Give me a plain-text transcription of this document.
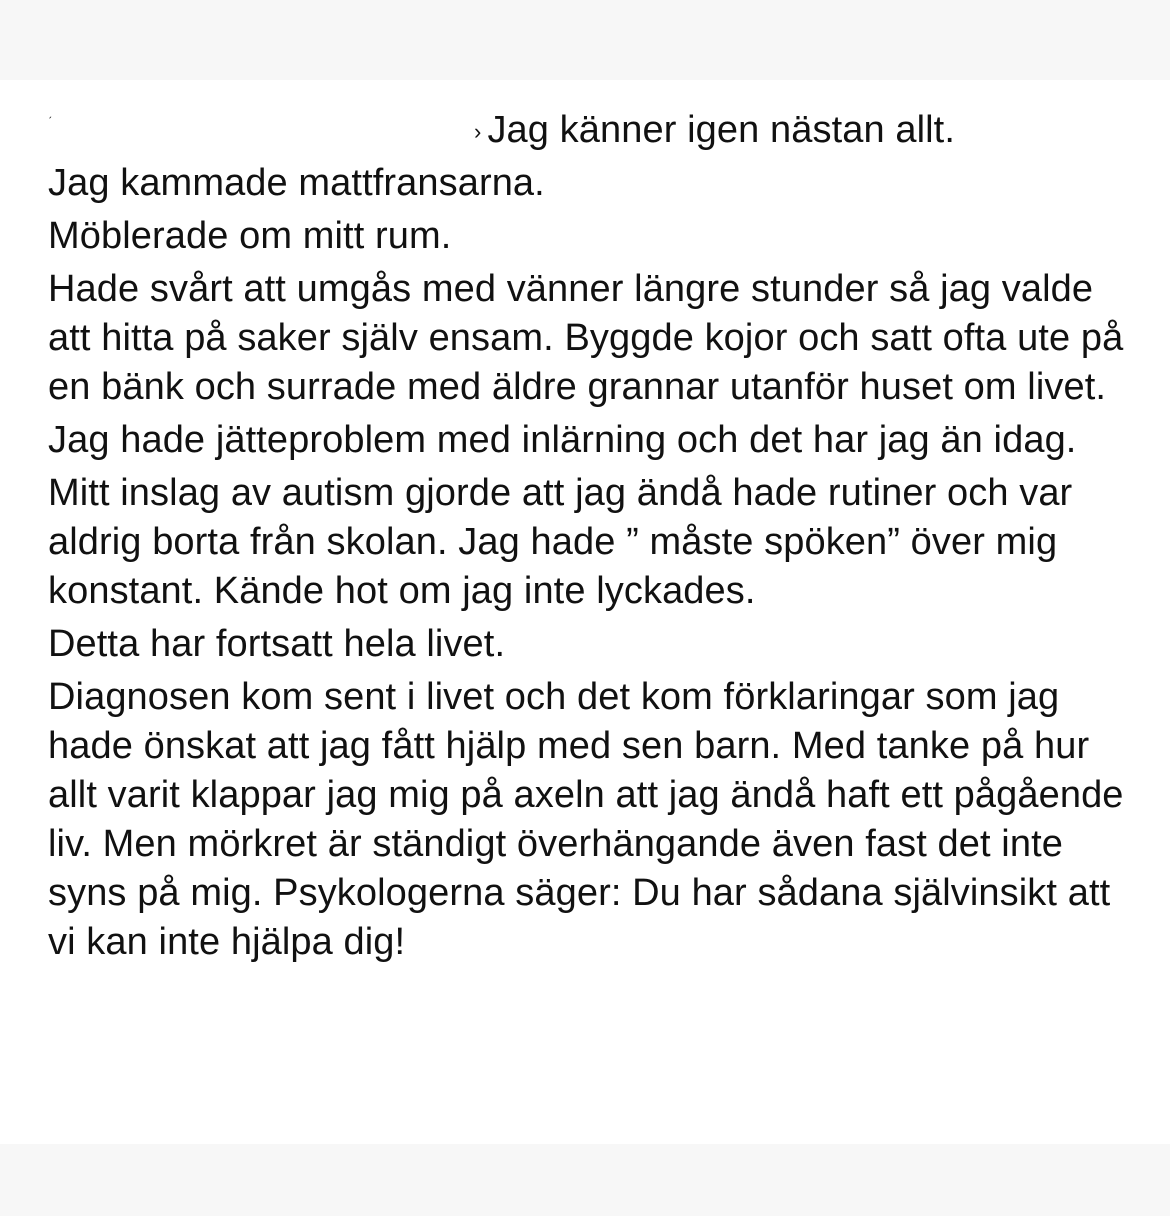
ˏ
› Jag känner igen nästan allt.

Jag kammade mattfransarna.

Möblerade om mitt rum.

Hade svårt att umgås med vänner längre stunder så jag valde att hitta på saker själv ensam. Byggde kojor och satt ofta ute på en bänk och surrade med äldre grannar utanför huset om livet.

Jag hade jätteproblem med inlärning och det har jag än idag.

Mitt inslag av autism gjorde att jag ändå hade rutiner och var aldrig borta från skolan. Jag hade ” måste spöken” över mig konstant. Kände hot om jag inte lyckades.

Detta har fortsatt hela livet.

Diagnosen kom sent i livet och det kom förklaringar som jag hade önskat att jag fått hjälp med sen barn. Med tanke på hur allt varit klappar jag mig på axeln att jag ändå haft ett pågående liv. Men mörkret är ständigt överhängande även fast det inte syns på mig. Psykologerna säger: Du har sådana självinsikt att vi kan inte hjälpa dig!
